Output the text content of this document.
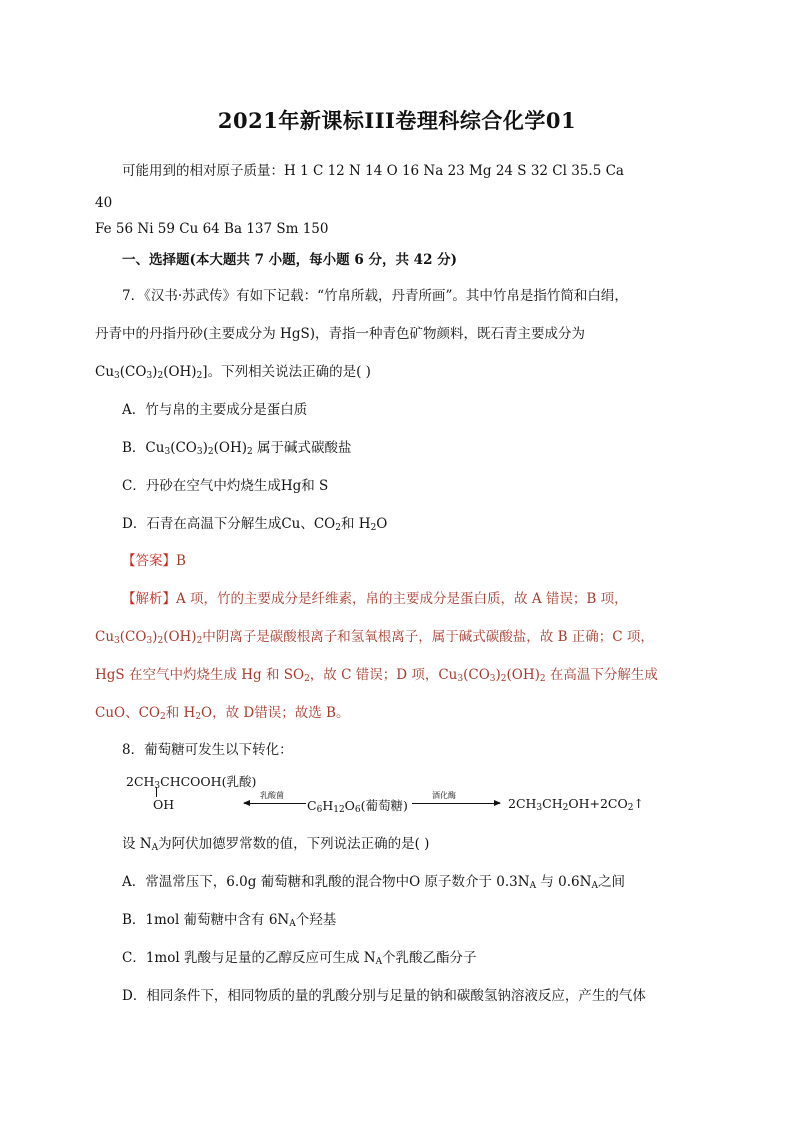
2021年新课标III卷理科综合化学01
可能用到的相对原子质量：H 1 C 12 N 14 O 16 Na 23 Mg 24 S 32 Cl 35.5 Ca
40
Fe 56 Ni 59 Cu 64 Ba 137 Sm 150
一、选择题(本大题共 7 小题，每小题 6 分，共 42 分)
7．《汉书·苏武传》有如下记载：“竹帛所载，丹青所画”。其中竹帛是指竹简和白绢，
丹青中的丹指丹砂(主要成分为 HgS)，青指一种青色矿物颜料，既石青主要成分为
$Cu_3(CO_3)_2(OH)_2$]。下列相关说法正确的是( )
A．竹与帛的主要成分是蛋白质
B．$Cu_3(CO_3)_2(OH)_2$ 属于碱式碳酸盐
C．丹砂在空气中灼烧生成Hg和 S
D．石青在高温下分解生成Cu、$CO_2$和 $H_2O$
【答案】B
【解析】A 项，竹的主要成分是纤维素，帛的主要成分是蛋白质，故 A 错误；B 项，
$Cu_3(CO_3)_2(OH)_2$中阴离子是碳酸根离子和氢氧根离子，属于碱式碳酸盐，故 B 正确；C 项，
HgS 在空气中灼烧生成 Hg 和 $SO_2$，故 C 错误；D 项，$Cu_3(CO_3)_2(OH)_2$ 在高温下分解生成
CuO、$CO_2$和 $H_2O$，故 D错误；故选 B。
8．葡萄糖可发生以下转化：
$2CH_3CHCOOH$(乳酸)
OH
乳酸菌
$C_6H_{12}O_6$(葡萄糖)
酒化酶
$2CH_3CH_2OH+2CO_2↑$
设 $N_A$为阿伏加德罗常数的值，下列说法正确的是( )
A．常温常压下，6.0g 葡萄糖和乳酸的混合物中O 原子数介于 $0.3N_A$ 与 $0.6N_A$之间
B．1mol 葡萄糖中含有 $6N_A$个羟基
C．1mol 乳酸与足量的乙醇反应可生成 $N_A$个乳酸乙酯分子
D．相同条件下，相同物质的量的乳酸分别与足量的钠和碳酸氢钠溶液反应，产生的气体
